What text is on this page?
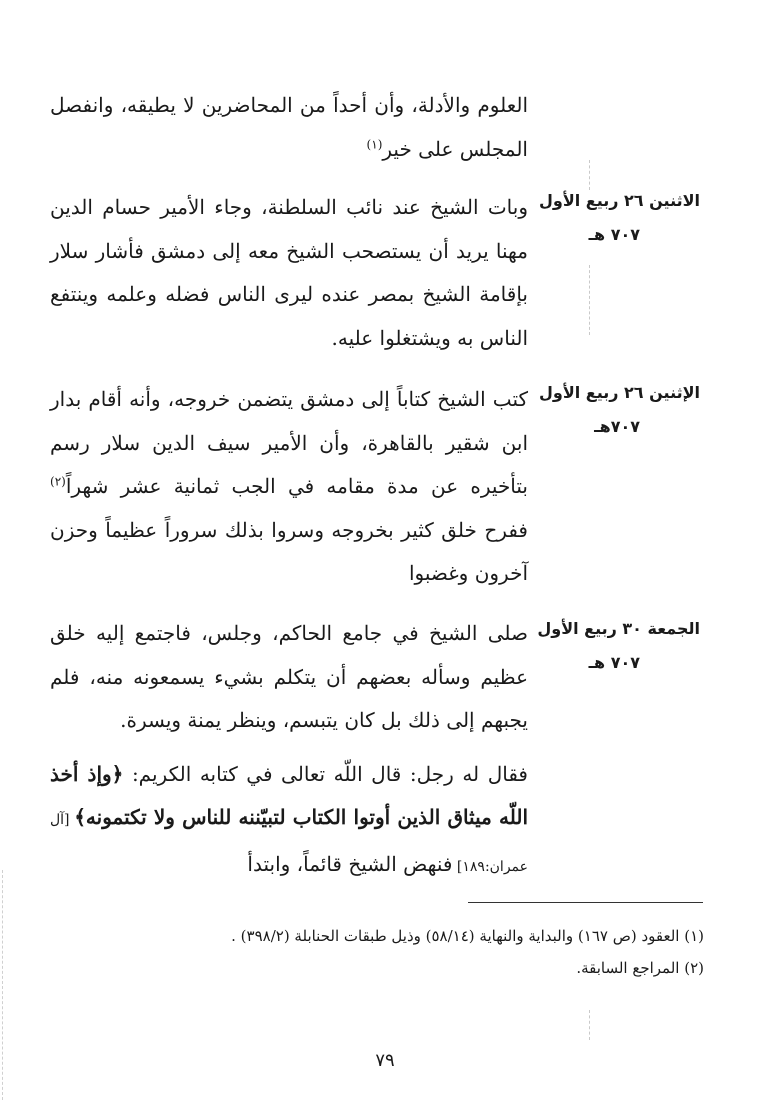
العلوم والأدلة، وأن أحداً من المحاضرين لا يطيقه، وانفصل المجلس على خير$^{(١)}$

الاثنين ٢٦ ربيع الأول
٧٠٧ هـ

وبات الشيخ عند نائب السلطنة، وجاء الأمير حسام الدين مهنا يريد أن يستصحب الشيخ معه إلى دمشق فأشار سلار بإقامة الشيخ بمصر عنده ليرى الناس فضله وعلمه وينتفع الناس به ويشتغلوا عليه.

الإثنين ٢٦ ربيع الأول
٧٠٧هـ

كتب الشيخ كتاباً إلى دمشق يتضمن خروجه، وأنه أقام بدار ابن شقير بالقاهرة، وأن الأمير سيف الدين سلار رسم بتأخيره عن مدة مقامه في الجب ثمانية عشر شهراً$^{(٢)}$ ففرح خلق كثير بخروجه وسروا بذلك سروراً عظيماً وحزن آخرون وغضبوا

الجمعة ٣٠ ربيع الأول
٧٠٧ هـ

صلى الشيخ في جامع الحاكم، وجلس، فاجتمع إليه خلق عظيم وسأله بعضهم أن يتكلم بشيء يسمعونه منه، فلم يجبهم إلى ذلك بل كان يتبسم، وينظر يمنة ويسرة.

فقال له رجل: قال اللّه تعالى في كتابه الكريم: ﴿وإذ أخذ اللّه ميثاق الذين أوتوا الكتاب لتبيّننه للناس ولا تكتمونه﴾ [آل عمران:١٨٩] فنهض الشيخ قائماً، وابتدأ

(١) العقود (ص ١٦٧) والبداية والنهاية (٥٨/١٤) وذيل طبقات الحنابلة (٣٩٨/٢) .

(٢) المراجع السابقة.

٧٩
